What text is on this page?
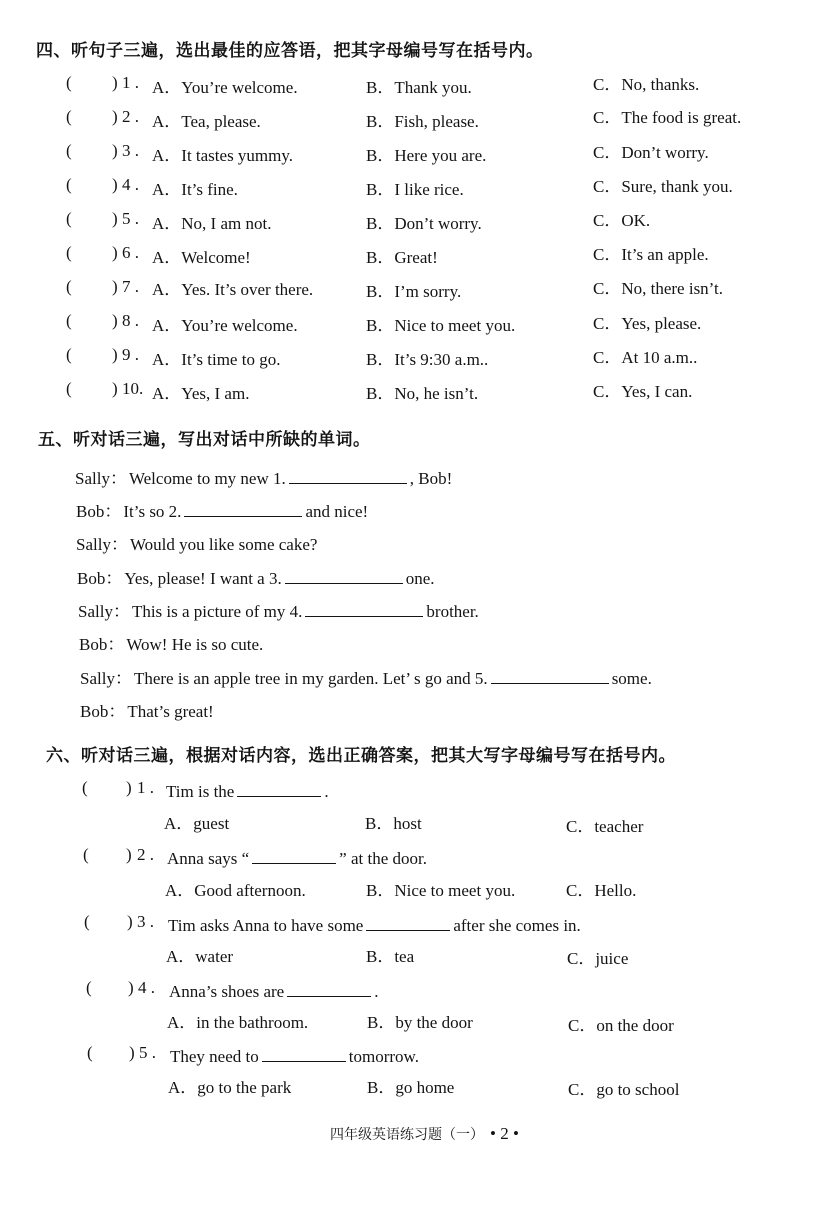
四、听句子三遍，选出最佳的应答语，把其字母编号写在括号内。
( ) 1 . A．You’re welcome.	B．Thank you.	C．No, thanks.
( ) 2 . A．Tea, please.	B．Fish, please.	C．The food is great.
( ) 3 . A．It tastes yummy.	B．Here you are.	C．Don’t worry.
( ) 4 . A．It’s fine.	B．I like rice.	C．Sure, thank you.
( ) 5 . A．No, I am not.	B．Don’t worry.	C．OK.
( ) 6 . A．Welcome!	B．Great!	C．It’s an apple.
( ) 7 . A．Yes. It’s over there.	B．I’m sorry.	C．No, there isn’t.
( ) 8 . A．You’re welcome.	B．Nice to meet you.	C．Yes, please.
( ) 9 . A．It’s time to go.	B．It’s 9:30 a.m..	C．At 10 a.m..
( ) 10. A．Yes, I am.	B．No, he isn’t.	C．Yes, I can.
五、听对话三遍，写出对话中所缺的单词。
Sally： Welcome to my new 1.	, Bob!
Bob： It’s so 2.	and nice!
Sally： Would you like some cake?
Bob： Yes, please! I want a 3.	one.
Sally： This is a picture of my 4.	brother.
Bob： Wow! He is so cute.
Sally： There is an apple tree in my garden. Let’ s go and 5.	some.
Bob： That’s great!
六、听对话三遍，根据对话内容，选出正确答案，把其大写字母编号写在括号内。
( ) 1 . Tim is the	.
A．guest	B．host	C．teacher
( ) 2 . Anna says “	” at the door.
A．Good afternoon.	B．Nice to meet you.	C．Hello.
( ) 3 . Tim asks Anna to have some	after she comes in.
A．water	B．tea	C．juice
( ) 4 . Anna’s shoes are	.
A．in the bathroom.	B．by the door	C．on the door
( ) 5 . They need to	tomorrow.
A．go to the park	B．go home	C．go to school
四年级英语练习题（一） • 2 •
